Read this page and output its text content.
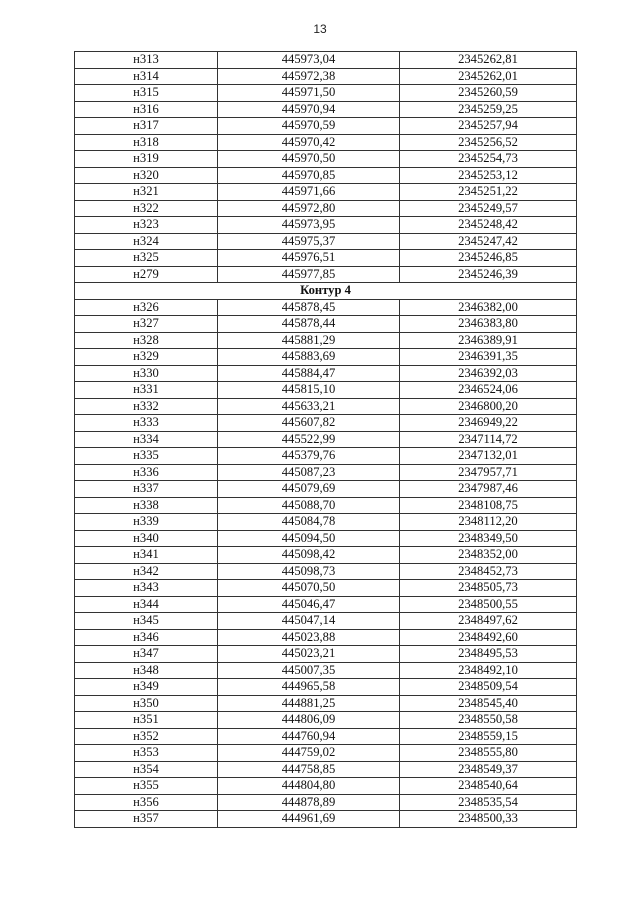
13
н313	445973,04	2345262,81
н314	445972,38	2345262,01
н315	445971,50	2345260,59
н316	445970,94	2345259,25
н317	445970,59	2345257,94
н318	445970,42	2345256,52
н319	445970,50	2345254,73
н320	445970,85	2345253,12
н321	445971,66	2345251,22
н322	445972,80	2345249,57
н323	445973,95	2345248,42
н324	445975,37	2345247,42
н325	445976,51	2345246,85
н279	445977,85	2345246,39
Контур 4		
н326	445878,45	2346382,00
н327	445878,44	2346383,80
н328	445881,29	2346389,91
н329	445883,69	2346391,35
н330	445884,47	2346392,03
н331	445815,10	2346524,06
н332	445633,21	2346800,20
н333	445607,82	2346949,22
н334	445522,99	2347114,72
н335	445379,76	2347132,01
н336	445087,23	2347957,71
н337	445079,69	2347987,46
н338	445088,70	2348108,75
н339	445084,78	2348112,20
н340	445094,50	2348349,50
н341	445098,42	2348352,00
н342	445098,73	2348452,73
н343	445070,50	2348505,73
н344	445046,47	2348500,55
н345	445047,14	2348497,62
н346	445023,88	2348492,60
н347	445023,21	2348495,53
н348	445007,35	2348492,10
н349	444965,58	2348509,54
н350	444881,25	2348545,40
н351	444806,09	2348550,58
н352	444760,94	2348559,15
н353	444759,02	2348555,80
н354	444758,85	2348549,37
н355	444804,80	2348540,64
н356	444878,89	2348535,54
н357	444961,69	2348500,33
